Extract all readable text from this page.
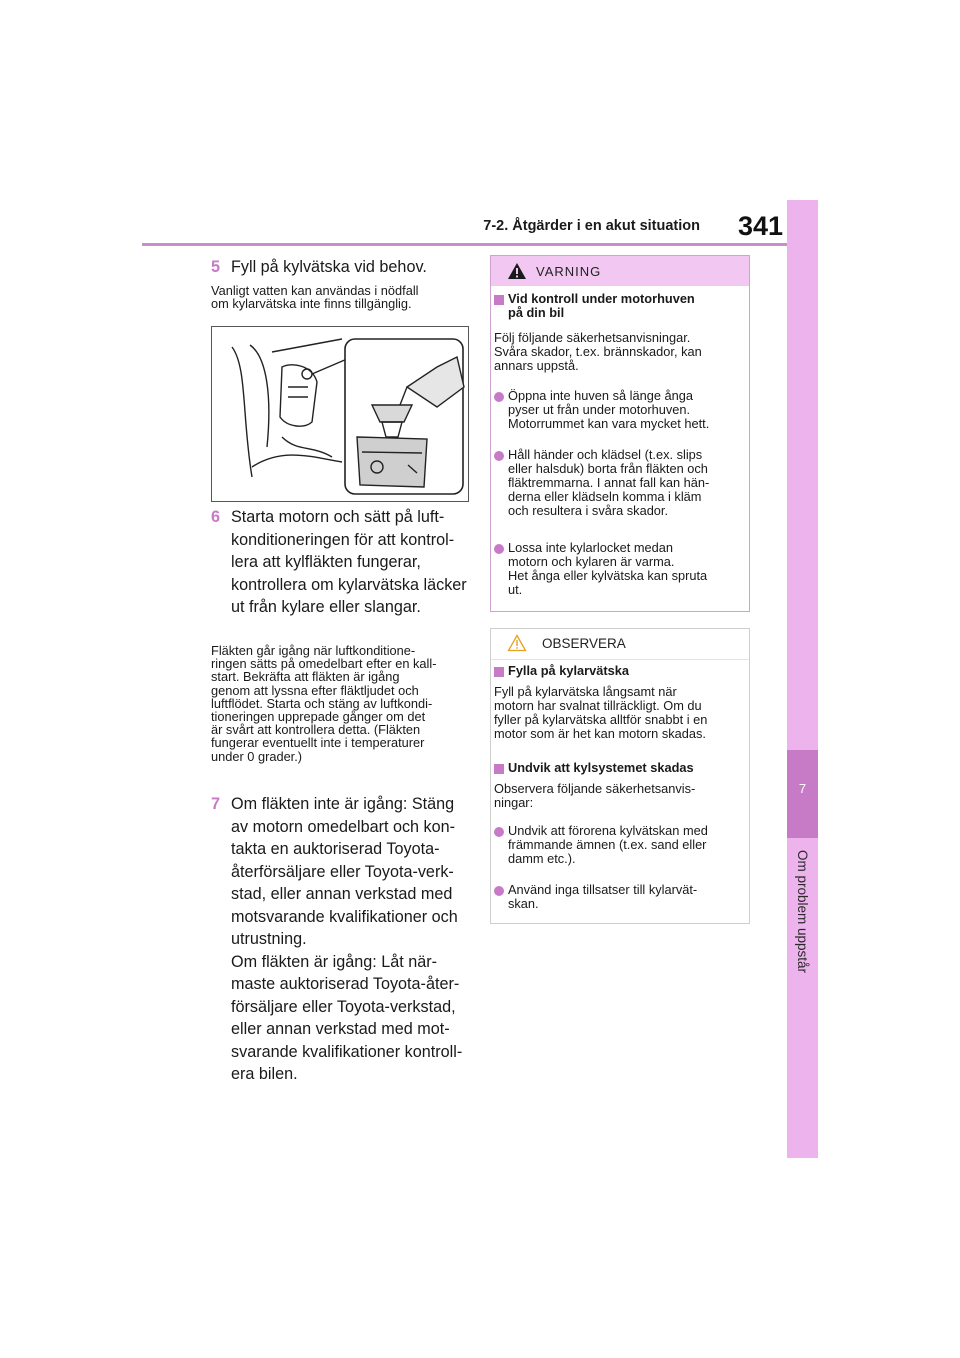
7-2. Åtgärder i en akut situation 341
7
Om problem uppstår
5 Fyll på kylvätska vid behov.
Vanligt vatten kan användas i nödfall
om kylarvätska inte finns tillgänglig.
6 Starta motorn och sätt på luft-konditioneringen för att kontrol-lera att kylfläkten fungerar, kontrollera om kylarvätska läcker ut från kylare eller slangar.
Fläkten går igång när luftkonditione-
ringen sätts på omedelbart efter en kall-
start. Bekräfta att fläkten är igång
genom att lyssna efter fläktljudet och
luftflödet. Starta och stäng av luftkondi-
tioneringen upprepade gånger om det
är svårt att kontrollera detta. (Fläkten
fungerar eventuellt inte i temperaturer
under 0 grader.)
7 Om fläkten inte är igång: Stäng av motorn omedelbart och kon-takta en auktoriserad Toyota-återförsäljare eller Toyota-verk-stad, eller annan verkstad med motsvarande kvalifikationer och utrustning.
Om fläkten är igång: Låt när-maste auktoriserad Toyota-åter-försäljare eller Toyota-verkstad, eller annan verkstad med mot-svarande kvalifikationer kontroll-era bilen.
VARNING
Vid kontroll under motorhuven
på din bil
Följ följande säkerhetsanvisningar.
Svåra skador, t.ex. brännskador, kan
annars uppstå.
Öppna inte huven så länge ånga
pyser ut från under motorhuven.
Motorrummet kan vara mycket hett.
Håll händer och klädsel (t.ex. slips
eller halsduk) borta från fläkten och
fläktremmarna. I annat fall kan hän-
derna eller klädseln komma i kläm
och resultera i svåra skador.
Lossa inte kylarlocket medan
motorn och kylaren är varma.
Het ånga eller kylvätska kan spruta
ut.
OBSERVERA
Fylla på kylarvätska
Fyll på kylarvätska långsamt när
motorn har svalnat tillräckligt. Om du
fyller på kylarvätska alltför snabbt i en
motor som är het kan motorn skadas.
Undvik att kylsystemet skadas
Observera följande säkerhetsanvis-
ningar:
Undvik att förorena kylvätskan med
främmande ämnen (t.ex. sand eller
damm etc.).
Använd inga tillsatser till kylarvät-
skan.
